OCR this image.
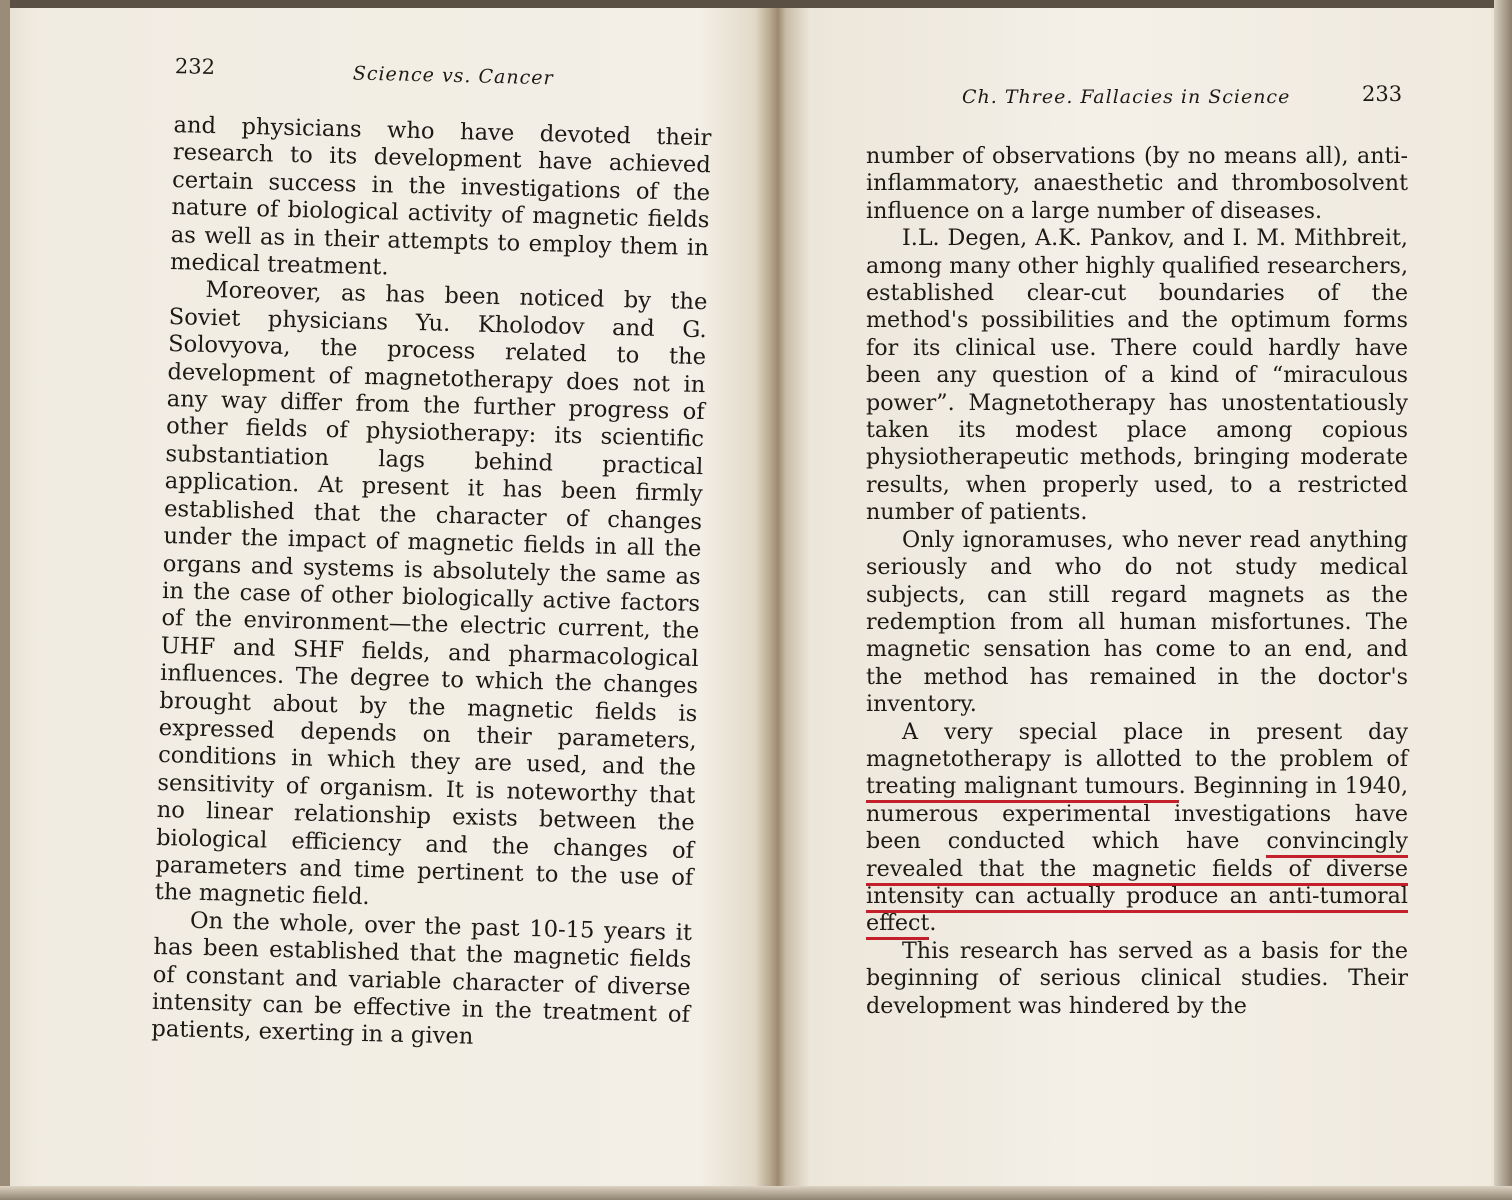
232	Science vs. Cancer

and physicians who have devoted their research to its development have achieved certain success in the investigations of the nature of biological activity of magnetic fields as well as in their attempts to employ them in medical treatment.

Moreover, as has been noticed by the Soviet physicians Yu. Kholodov and G. Solovyova, the process related to the development of magnetotherapy does not in any way differ from the further progress of other fields of physiotherapy: its scientific substantiation lags behind practical application. At present it has been firmly established that the character of changes under the impact of magnetic fields in all the organs and systems is absolutely the same as in the case of other biologically active factors of the environment—the electric current, the UHF and SHF fields, and pharmacological influences. The degree to which the changes brought about by the magnetic fields is expressed depends on their parameters, conditions in which they are used, and the sensitivity of organism. It is noteworthy that no linear relationship exists between the biological efficiency and the changes of parameters and time pertinent to the use of the magnetic field.

On the whole, over the past 10-15 years it has been established that the magnetic fields of constant and variable character of diverse intensity can be effective in the treatment of patients, exerting in a given

Ch. Three. Fallacies in Science	233

number of observations (by no means all), anti-inflammatory, anaesthetic and thrombosolvent influence on a large number of diseases.

I.L. Degen, A.K. Pankov, and I. M. Mithbreit, among many other highly qualified researchers, established clear-cut boundaries of the method's possibilities and the optimum forms for its clinical use. There could hardly have been any question of a kind of “miraculous power”. Magnetotherapy has unostentatiously taken its modest place among copious physiotherapeutic methods, bringing moderate results, when properly used, to a restricted number of patients.

Only ignoramuses, who never read anything seriously and who do not study medical subjects, can still regard magnets as the redemption from all human misfortunes. The magnetic sensation has come to an end, and the method has remained in the doctor's inventory.

A very special place in present day magnetotherapy is allotted to the problem of treating malignant tumours. Beginning in 1940, numerous experimental investigations have been conducted which have convincingly revealed that the magnetic fields of diverse intensity can actually produce an anti-tumoral effect.

This research has served as a basis for the beginning of serious clinical studies. Their development was hindered by the
